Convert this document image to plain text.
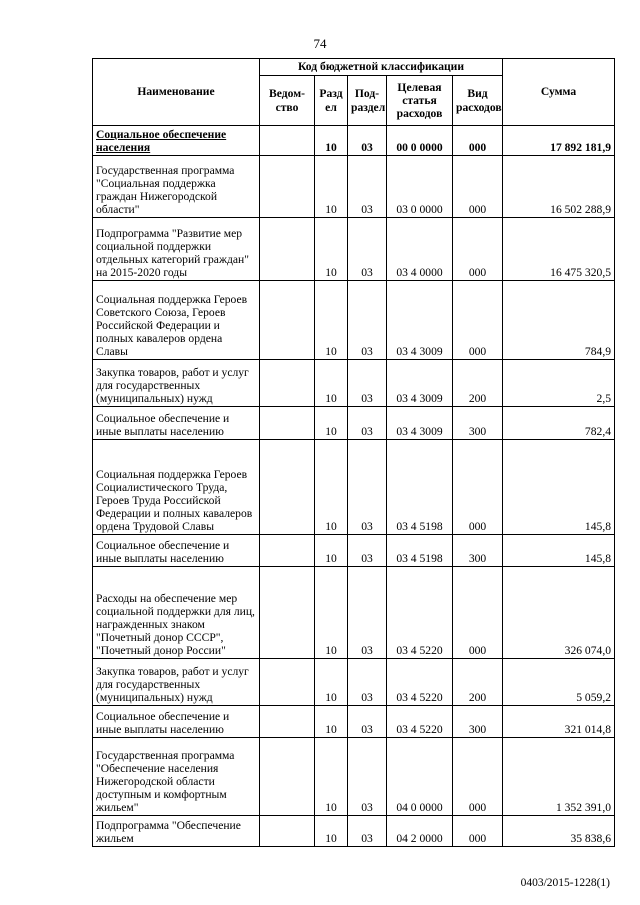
74
Наименование	Код бюджетной классификации					Сумма
	Ведом-ство	Разд ел	Под-раздел	Целевая статья расходов	Вид расходов	
Социальное обеспечение населения		10	03	00 0 0000	000	17 892 181,9
Государственная программа "Социальная поддержка граждан Нижегородской области"		10	03	03 0 0000	000	16 502 288,9
Подпрограмма "Развитие мер социальной поддержки отдельных категорий граждан" на 2015-2020 годы		10	03	03 4 0000	000	16 475 320,5
Социальная поддержка Героев Советского Союза, Героев Российской Федерации и полных кавалеров ордена Славы		10	03	03 4 3009	000	784,9
Закупка товаров, работ и услуг для государственных (муниципальных) нужд		10	03	03 4 3009	200	2,5
Социальное обеспечение и иные выплаты населению		10	03	03 4 3009	300	782,4
Социальная поддержка Героев Социалистического Труда, Героев Труда Российской Федерации и полных кавалеров ордена Трудовой Славы		10	03	03 4 5198	000	145,8
Социальное обеспечение и иные выплаты населению		10	03	03 4 5198	300	145,8
Расходы на обеспечение мер социальной поддержки для лиц, награжденных знаком "Почетный донор СССР", "Почетный донор России"		10	03	03 4 5220	000	326 074,0
Закупка товаров, работ и услуг для государственных (муниципальных) нужд		10	03	03 4 5220	200	5 059,2
Социальное обеспечение и иные выплаты населению		10	03	03 4 5220	300	321 014,8
Государственная программа "Обеспечение населения Нижегородской области доступным и комфортным жильем"		10	03	04 0 0000	000	1 352 391,0
Подпрограмма "Обеспечение жильем		10	03	04 2 0000	000	35 838,6
0403/2015-1228(1)
